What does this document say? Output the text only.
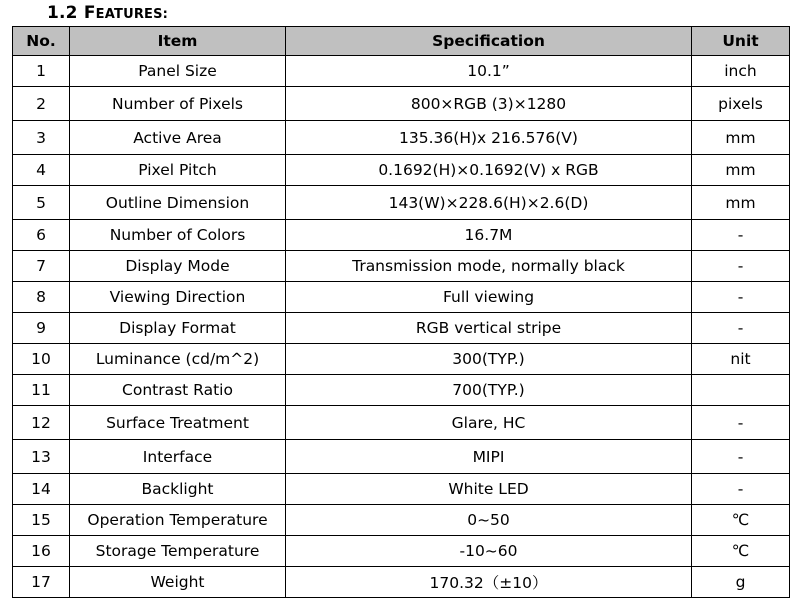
1.2 FEATURES:
No.	Item	Specification	Unit
1	Panel Size	10.1”	inch
2	Number of Pixels	800×RGB (3)×1280	pixels
3	Active Area	135.36(H)x 216.576(V)	mm
4	Pixel Pitch	0.1692(H)×0.1692(V) x RGB	mm
5	Outline Dimension	143(W)×228.6(H)×2.6(D)	mm
6	Number of Colors	16.7M	-
7	Display Mode	Transmission mode, normally black	-
8	Viewing Direction	Full viewing	-
9	Display Format	RGB vertical stripe	-
10	Luminance (cd/m^2)	300(TYP.)	nit
11	Contrast Ratio	700(TYP.)	
12	Surface Treatment	Glare, HC	-
13	Interface	MIPI	-
14	Backlight	White LED	-
15	Operation Temperature	0~50	℃
16	Storage Temperature	-10~60	℃
17	Weight	170.32（±10）	g
